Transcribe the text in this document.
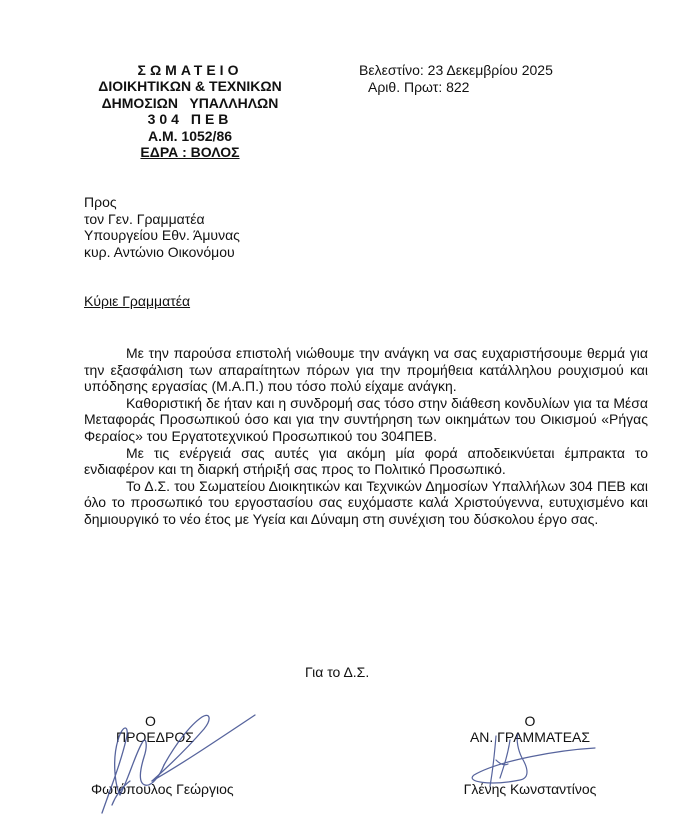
ΣΩΜΑΤΕΙΟ
ΔΙΟΙΚΗΤΙΚΩΝ & ΤΕΧΝΙΚΩΝ
ΔΗΜΟΣΙΩΝ   ΥΠΑΛΛΗΛΩΝ
304 ΠΕΒ
Α.Μ. 1052/86
ΕΔΡΑ : ΒΟΛΟΣ
Βελεστίνο: 23 Δεκεμβρίου 2025
Αριθ. Πρωτ: 822
Προς
τον Γεν. Γραμματέα
Υπουργείου Εθν. Άμυνας
κυρ. Αντώνιο Οικονόμου
Κύριε Γραμματέα

Με την παρούσα επιστολή νιώθουμε την ανάγκη να σας ευχαριστήσουμε θερμά για την εξασφάλιση των απαραίτητων πόρων για την προμήθεια κατάλληλου ρουχισμού και υπόδησης εργασίας (Μ.Α.Π.) που τόσο πολύ είχαμε ανάγκη.

Καθοριστική δε ήταν και η συνδρομή σας τόσο στην διάθεση κονδυλίων για τα Μέσα Μεταφοράς Προσωπικού όσο και για την συντήρηση των οικημάτων του Οικισμού «Ρήγας Φεραίος» του Εργατοτεχνικού Προσωπικού του 304ΠΕΒ.

Με τις ενέργειά σας αυτές για ακόμη μία φορά αποδεικνύεται έμπρακτα το ενδιαφέρον και τη διαρκή στήριξή σας προς το Πολιτικό Προσωπικό.

Το Δ.Σ. του Σωματείου Διοικητικών και Τεχνικών Δημοσίων Υπαλλήλων 304 ΠΕΒ και όλο το προσωπικό του εργοστασίου σας ευχόμαστε καλά Χριστούγεννα, ευτυχισμένο και δημιουργικό το νέο έτος με Υγεία και Δύναμη στη συνέχιση του δύσκολου έργο σας.

Για το Δ.Σ.
Ο
ΠΡΟΕΔΡΟΣ
Φωτόπουλος Γεώργιος
Ο
ΑΝ. ΓΡΑΜΜΑΤΕΑΣ
Γλένης Κωνσταντίνος
